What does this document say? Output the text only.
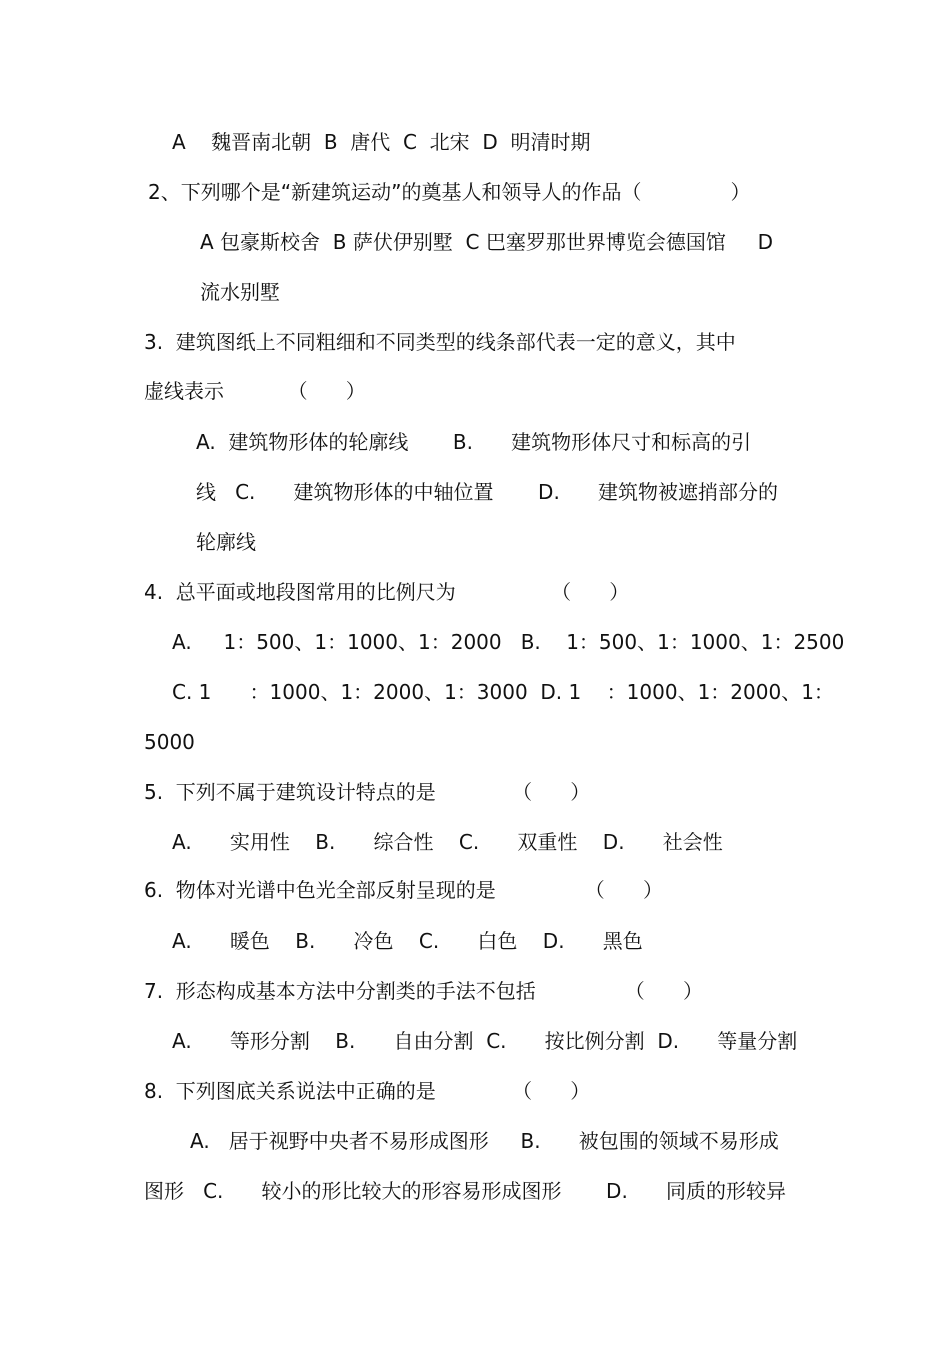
A    魏晋南北朝  B  唐代  C  北宋  D  明清时期
2、下列哪个是“新建筑运动”的奠基人和领导人的作品（              ）
A 包豪斯校舍  B 萨伏伊别墅  C 巴塞罗那世界博览会德国馆     D
流水别墅
3.  建筑图纸上不同粗细和不同类型的线条部代表一定的意义，其中
虚线表示          （      ）
A.  建筑物形体的轮廓线       B.      建筑物形体尺寸和标高的引
线   C.      建筑物形体的中轴位置       D.      建筑物被遮捎部分的
轮廓线
4.  总平面或地段图常用的比例尺为               （      ）
A.     1：500、1：1000、1：2000   B.    1：500、1：1000、1：2500
C. 1      ：1000、1：2000、1：3000  D. 1    ：1000、1：2000、1：
5000
5.  下列不属于建筑设计特点的是            （      ）
A.      实用性    B.      综合性    C.      双重性    D.      社会性
6.  物体对光谱中色光全部反射呈现的是              （      ）
A.      暖色    B.      冷色    C.      白色    D.      黑色
7.  形态构成基本方法中分割类的手法不包括              （      ）
A.      等形分割    B.      自由分割  C.      按比例分割  D.      等量分割
8.  下列图底关系说法中正确的是            （      ）
A.   居于视野中央者不易形成图形     B.      被包围的领域不易形成
图形   C.      较小的形比较大的形容易形成图形       D.      同质的形较异
